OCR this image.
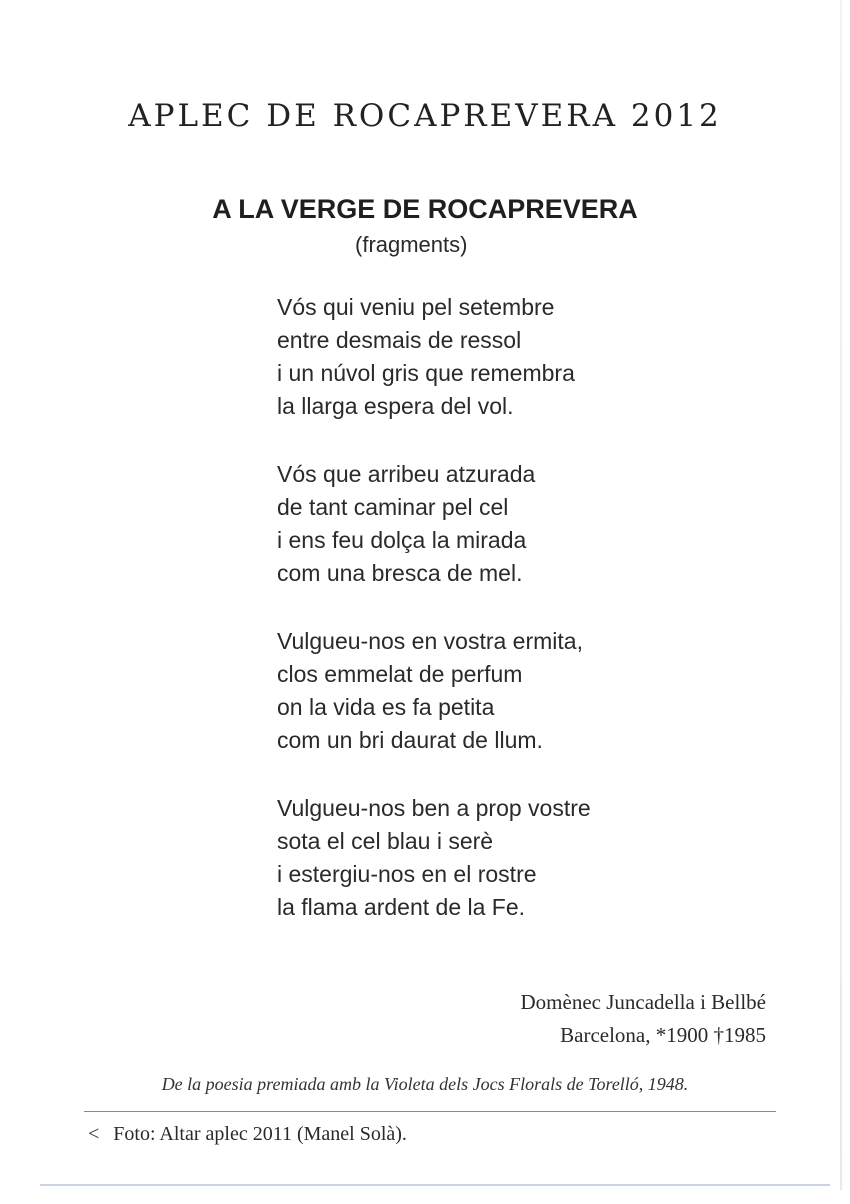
APLEC DE ROCAPREVERA 2012
A LA VERGE DE ROCAPREVERA
(fragments)
Vós qui veniu pel setembre
entre desmais de ressol
i un núvol gris que remembra
la llarga espera del vol.
Vós que arribeu atzurada
de tant caminar pel cel
i ens feu dolça la mirada
com una bresca de mel.
Vulgueu-nos en vostra ermita,
clos emmelat de perfum
on la vida es fa petita
com un bri daurat de llum.
Vulgueu-nos ben a prop vostre
sota el cel blau i serè
i estergiu-nos en el rostre
la flama ardent de la Fe.
Domènec Juncadella i Bellbé
Barcelona, *1900 †1985
De la poesia premiada amb la Violeta dels Jocs Florals de Torelló, 1948.
< Foto: Altar aplec 2011 (Manel Solà).
